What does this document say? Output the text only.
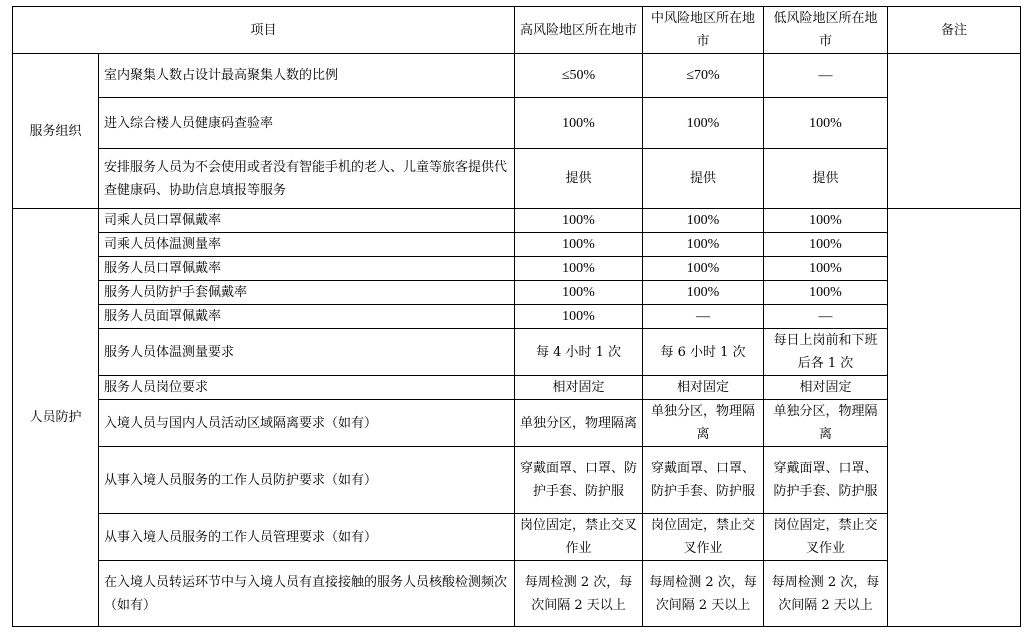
项目		高风险地区所在地市	中风险地区所在地市	低风险地区所在地市	备注
服务组织	室内聚集人数占设计最高聚集人数的比例	≤50%	≤70%	—	
	进入综合楼人员健康码查验率	100%	100%	100%	
	安排服务人员为不会使用或者没有智能手机的老人、儿童等旅客提供代查健康码、协助信息填报等服务	提供	提供	提供	
人员防护	司乘人员口罩佩戴率	100%	100%	100%	
	司乘人员体温测量率	100%	100%	100%	
	服务人员口罩佩戴率	100%	100%	100%	
	服务人员防护手套佩戴率	100%	100%	100%	
	服务人员面罩佩戴率	100%	—	—	
	服务人员体温测量要求	每 4 小时 1 次	每 6 小时 1 次	每日上岗前和下班后各 1 次	
	服务人员岗位要求	相对固定	相对固定	相对固定	
	入境人员与国内人员活动区域隔离要求（如有）	单独分区，物理隔离	单独分区，物理隔离	单独分区，物理隔离	
	从事入境人员服务的工作人员防护要求（如有）	穿戴面罩、口罩、防护手套、防护服	穿戴面罩、口罩、防护手套、防护服	穿戴面罩、口罩、防护手套、防护服	
	从事入境人员服务的工作人员管理要求（如有）	岗位固定，禁止交叉作业	岗位固定，禁止交叉作业	岗位固定，禁止交叉作业	
	在入境人员转运环节中与入境人员有直接接触的服务人员核酸检测频次（如有）	每周检测 2 次，每次间隔 2 天以上	每周检测 2 次，每次间隔 2 天以上	每周检测 2 次，每次间隔 2 天以上	
